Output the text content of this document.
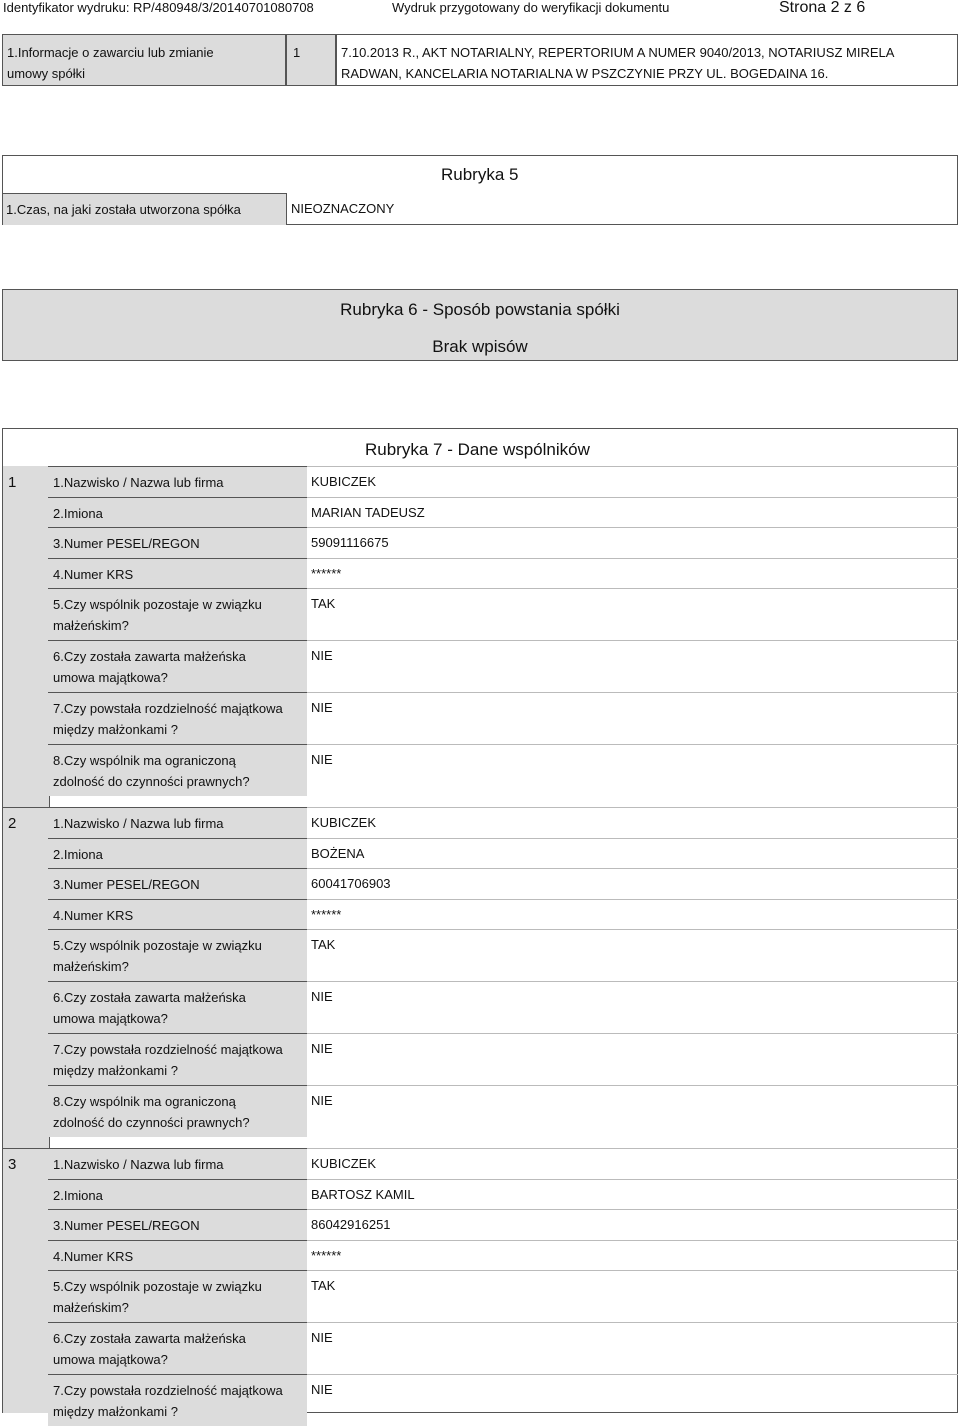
Identyfikator wydruku: RP/480948/3/20140701080708	Wydruk przygotowany do weryfikacji dokumentu	Strona 2 z 6
1.Informacje o zawarciu lub zmianie umowy spółki
1	7.10.2013 R., AKT NOTARIALNY, REPERTORIUM A NUMER 9040/2013, NOTARIUSZ MIRELA RADWAN, KANCELARIA NOTARIALNA W PSZCZYNIE PRZY UL. BOGEDAINA 16.
Rubryka 5
1.Czas, na jaki została utworzona spółka	NIEOZNACZONY
Rubryka 6 - Sposób powstania spółki
Brak wpisów
Rubryka 7 - Dane wspólników
1	1.Nazwisko / Nazwa lub firma	KUBICZEK
2.Imiona	MARIAN TADEUSZ
3.Numer PESEL/REGON	59091116675
4.Numer KRS	******
5.Czy wspólnik pozostaje w związku małżeńskim?
TAK
6.Czy została zawarta małżeńska umowa majątkowa?
NIE
7.Czy powstała rozdzielność majątkowa między małżonkami ?
NIE
8.Czy wspólnik ma ograniczoną zdolność do czynności prawnych?
NIE
2	1.Nazwisko / Nazwa lub firma	KUBICZEK
2.Imiona	BOŻENA
3.Numer PESEL/REGON	60041706903
4.Numer KRS	******
5.Czy wspólnik pozostaje w związku małżeńskim?
TAK
6.Czy została zawarta małżeńska umowa majątkowa?
NIE
7.Czy powstała rozdzielność majątkowa między małżonkami ?
NIE
8.Czy wspólnik ma ograniczoną zdolność do czynności prawnych?
NIE
3	1.Nazwisko / Nazwa lub firma	KUBICZEK
2.Imiona	BARTOSZ KAMIL
3.Numer PESEL/REGON	86042916251
4.Numer KRS	******
5.Czy wspólnik pozostaje w związku małżeńskim?
TAK
6.Czy została zawarta małżeńska umowa majątkowa?
NIE
7.Czy powstała rozdzielność majątkowa między małżonkami ?
NIE
